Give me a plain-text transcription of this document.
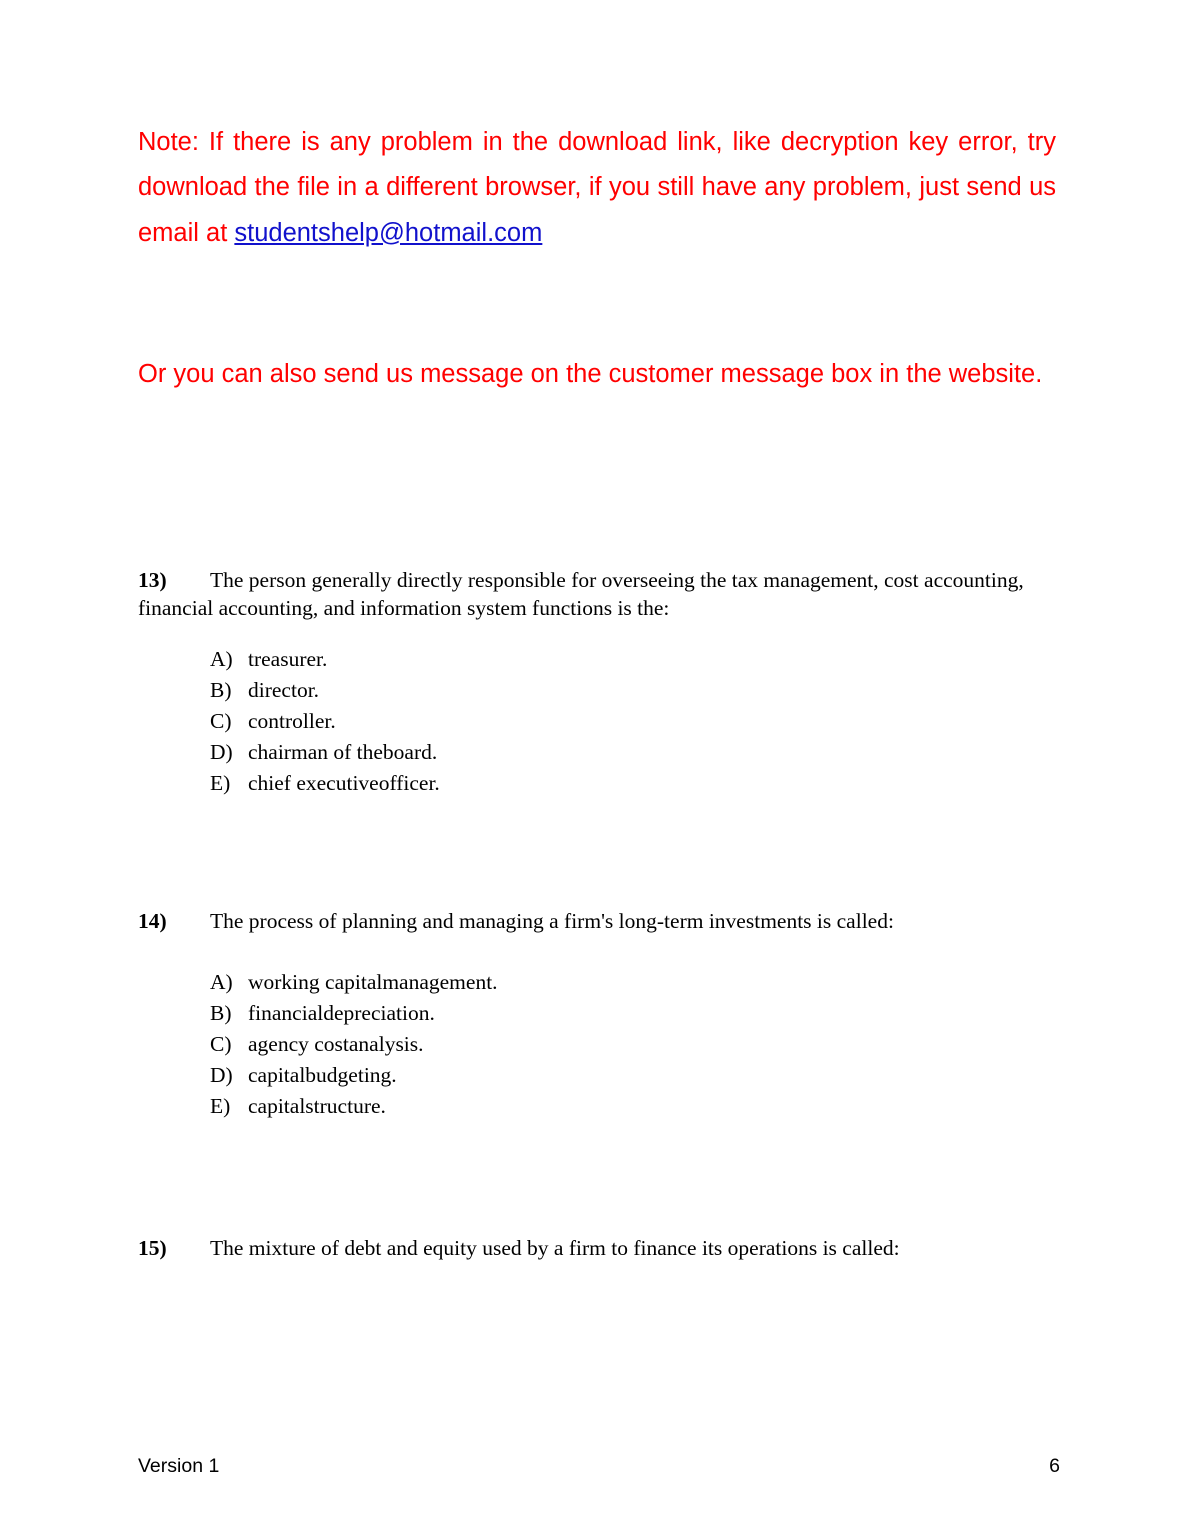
Note: If there is any problem in the download link, like decryption key error, try download the file in a different browser, if you still have any problem, just send us email at studentshelp@hotmail.com

Or you can also send us message on the customer message box in the website.

13) The person generally directly responsible for overseeing the tax management, cost accounting, financial accounting, and information system functions is the:

A) treasurer.
B) director.
C) controller.
D) chairman of theboard.
E) chief executiveofficer.

14) The process of planning and managing a firm's long-term investments is called:

A) working capitalmanagement.
B) financialdepreciation.
C) agency costanalysis.
D) capitalbudgeting.
E) capitalstructure.

15) The mixture of debt and equity used by a firm to finance its operations is called:

Version 1	6
